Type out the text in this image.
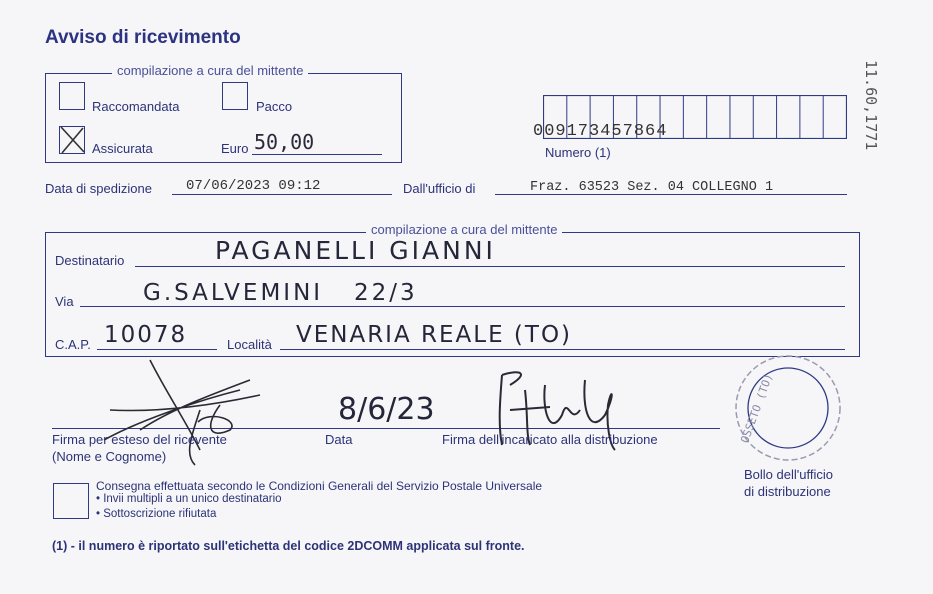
Avviso di ricevimento
11.60,1771
compilazione a cura del mittente
Raccomandata	Pacco
Assicurata	Euro 50,00	009173457864
Numero (1)
Data di spedizione 07/06/2023 09:12	Dall'ufficio di	Fraz. 63523 Sez. 04 COLLEGNO 1
compilazione a cura del mittente
Destinatario	PAGANELLI GIANNI
Via	G.SALVEMINI   22/3
C.A.P. 10078	Località VENARIA REALE (TO)
8/6/23
Firma per esteso del ricevente
(Nome e Cognome)
Data	Firma dell'incaricato alla distribuzione	OSSETO (TO)
Bollo dell'ufficio
di distribuzione
Consegna effettuata secondo le Condizioni Generali del Servizio Postale Universale
• Invii multipli a un unico destinatario
• Sottoscrizione rifiutata
(1) - il numero è riportato sull'etichetta del codice 2DCOMM applicata sul fronte.
